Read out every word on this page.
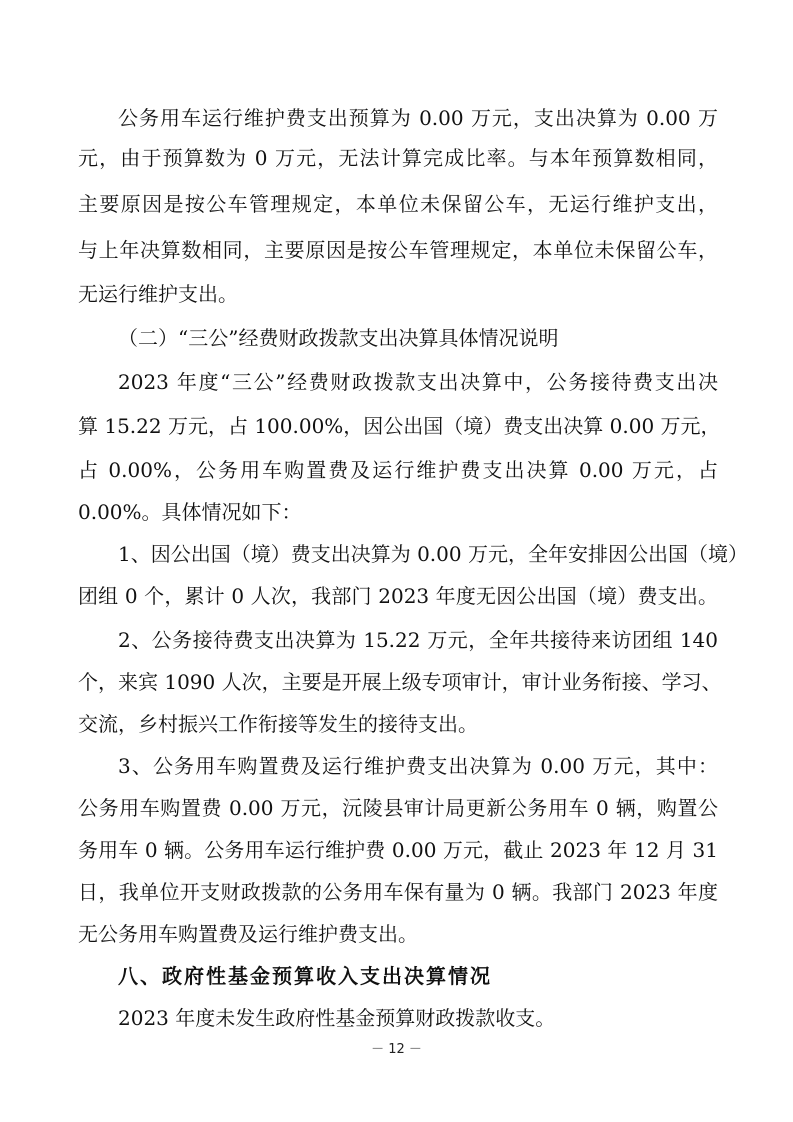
公务用车运行维护费支出预算为 0.00 万元，支出决算为 0.00 万
元，由于预算数为 0 万元，无法计算完成比率。与本年预算数相同，
主要原因是按公车管理规定，本单位未保留公车，无运行维护支出，
与上年决算数相同，主要原因是按公车管理规定，本单位未保留公车，
无运行维护支出。
（二）“三公”经费财政拨款支出决算具体情况说明
2023 年度“三公”经费财政拨款支出决算中，公务接待费支出决
算 15.22 万元，占 100.00%，因公出国（境）费支出决算 0.00 万元，
占 0.00%，公务用车购置费及运行维护费支出决算 0.00 万元，占
0.00%。具体情况如下：
1、因公出国（境）费支出决算为 0.00 万元，全年安排因公出国（境）
团组 0 个，累计 0 人次，我部门 2023 年度无因公出国（境）费支出。
2、公务接待费支出决算为 15.22 万元，全年共接待来访团组 140
个，来宾 1090 人次，主要是开展上级专项审计，审计业务衔接、学习、
交流，乡村振兴工作衔接等发生的接待支出。
3、公务用车购置费及运行维护费支出决算为 0.00 万元，其中：
公务用车购置费 0.00 万元，沅陵县审计局更新公务用车 0 辆，购置公
务用车 0 辆。公务用车运行维护费 0.00 万元，截止 2023 年 12 月 31
日，我单位开支财政拨款的公务用车保有量为 0 辆。我部门 2023 年度
无公务用车购置费及运行维护费支出。
八、政府性基金预算收入支出决算情况
2023 年度未发生政府性基金预算财政拨款收支。
－ 12 －
